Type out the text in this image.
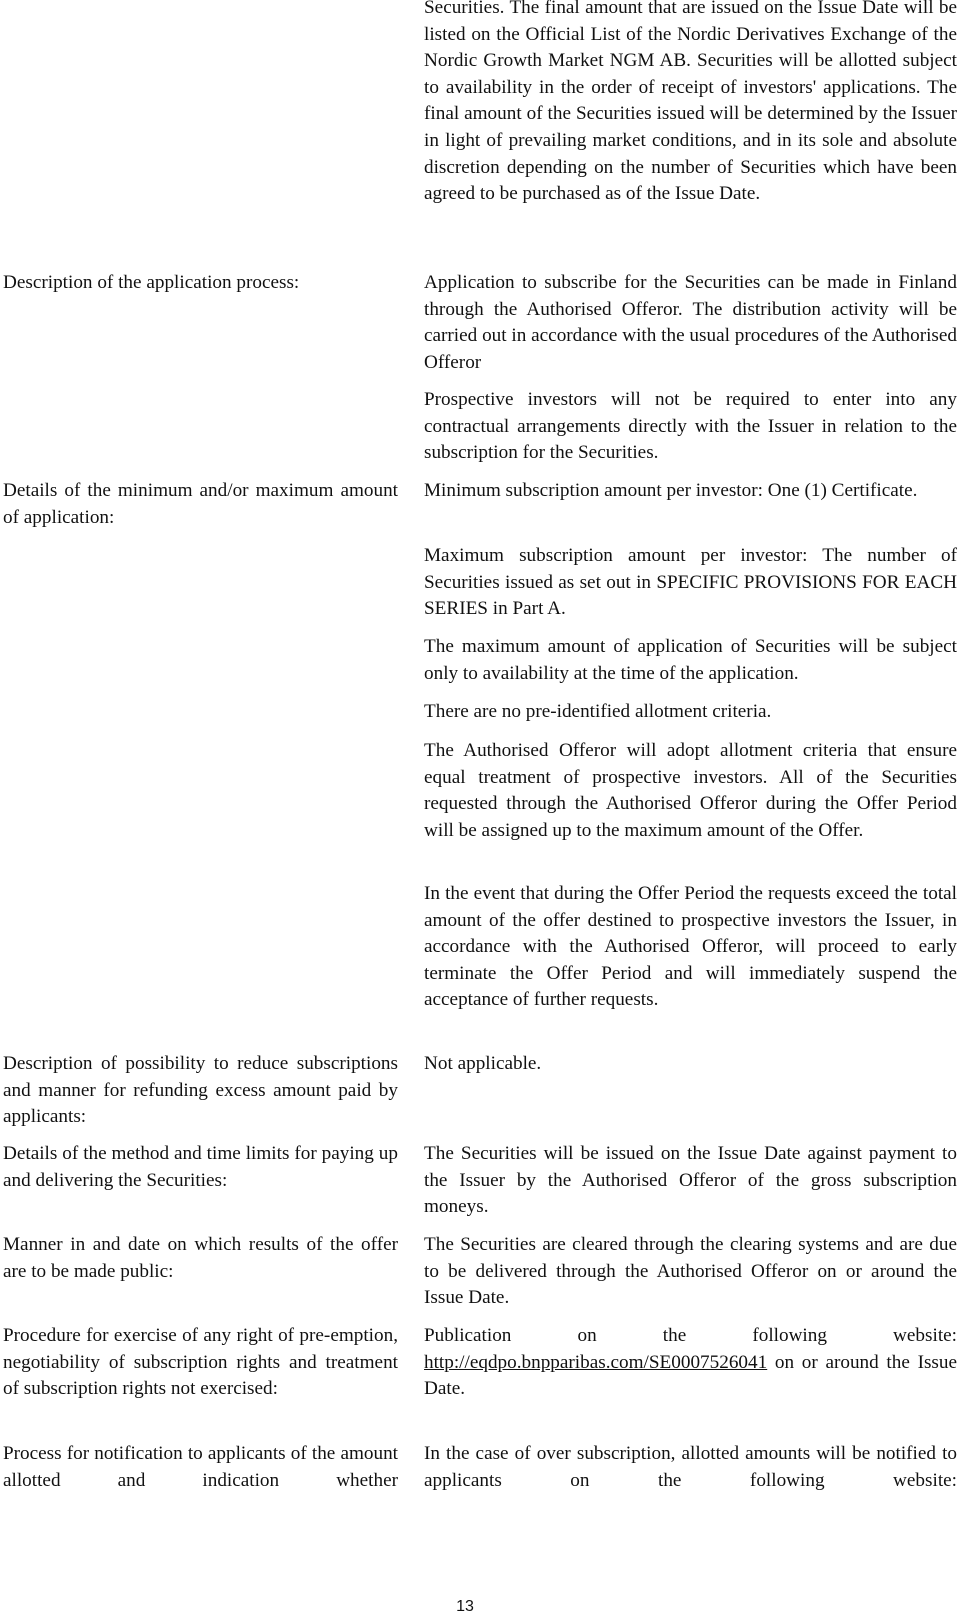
Securities. The final amount that are issued on the Issue Date will be listed on the Official List of the Nordic Derivatives Exchange of the Nordic Growth Market NGM AB. Securities will be allotted subject to availability in the order of receipt of investors' applications. The final amount of the Securities issued will be determined by the Issuer in light of prevailing market conditions, and in its sole and absolute discretion depending on the number of Securities which have been agreed to be purchased as of the Issue Date.

Description of the application process:	Application to subscribe for the Securities can be made in Finland through the Authorised Offeror. The distribution activity will be carried out in accordance with the usual procedures of the Authorised Offeror

Prospective investors will not be required to enter into any contractual arrangements directly with the Issuer in relation to the subscription for the Securities.

Details of the minimum and/or maximum amount of application:

Minimum subscription amount per investor: One (1) Certificate.

Maximum subscription amount per investor: The number of Securities issued as set out in SPECIFIC PROVISIONS FOR EACH SERIES in Part A.

The maximum amount of application of Securities will be subject only to availability at the time of the application.

There are no pre-identified allotment criteria.

The Authorised Offeror will adopt allotment criteria that ensure equal treatment of prospective investors. All of the Securities requested through the Authorised Offeror during the Offer Period will be assigned up to the maximum amount of the Offer.

In the event that during the Offer Period the requests exceed the total amount of the offer destined to prospective investors the Issuer, in accordance with the Authorised Offeror, will proceed to early terminate the Offer Period and will immediately suspend the acceptance of further requests.

Description of possibility to reduce subscriptions and manner for refunding excess amount paid by applicants:

Not applicable.

Details of the method and time limits for paying up and delivering the Securities:

The Securities will be issued on the Issue Date against payment to the Issuer by the Authorised Offeror of the gross subscription moneys.

Manner in and date on which results of the offer are to be made public:

The Securities are cleared through the clearing systems and are due to be delivered through the Authorised Offeror on or around the Issue Date.

Procedure for exercise of any right of pre-emption, negotiability of subscription rights and treatment of subscription rights not exercised:

Publication on the following website:
http://eqdpo.bnpparibas.com/SE0007526041 on or around the Issue Date.

Process for notification to applicants of the amount allotted and indication whether

In the case of over subscription, allotted amounts will be notified to applicants on the following website:

13
